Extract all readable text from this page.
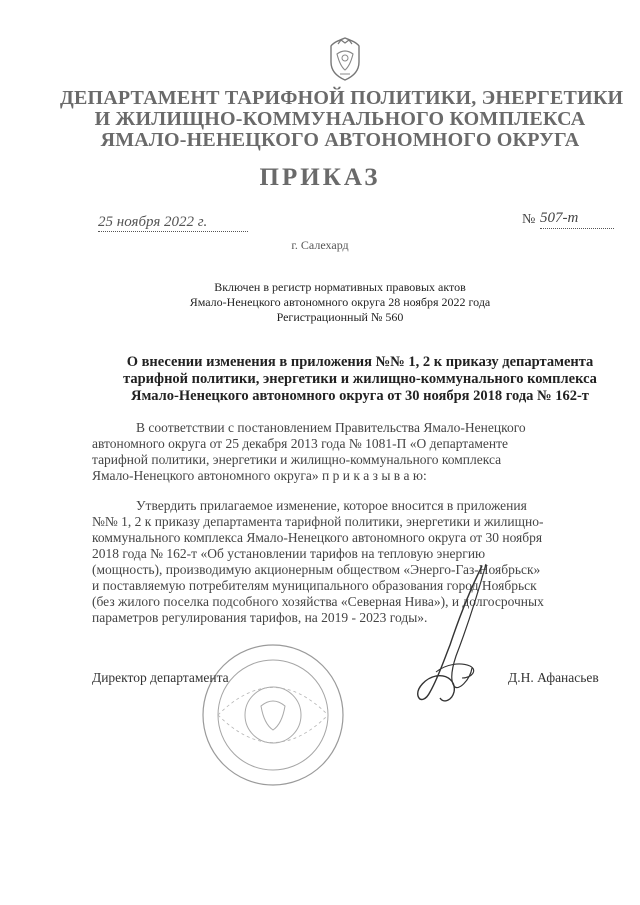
ДЕПАРТАМЕНТ ТАРИФНОЙ ПОЛИТИКИ, ЭНЕРГЕТИКИ
И ЖИЛИЩНО-КОММУНАЛЬНОГО КОМПЛЕКСА
ЯМАЛО-НЕНЕЦКОГО АВТОНОМНОГО ОКРУГА
ПРИКАЗ
25 ноября 2022 г.	№ 507-т
г. Салехард
Включен в регистр нормативных правовых актов
Ямало-Ненецкого автономного округа 28 ноября 2022 года
Регистрационный № 560
О внесении изменения в приложения №№ 1, 2 к приказу департамента
тарифной политики, энергетики и жилищно-коммунального комплекса
Ямало-Ненецкого автономного округа от 30 ноября 2018 года № 162-т
В соответствии с постановлением Правительства Ямало-Ненецкого
автономного округа от 25 декабря 2013 года № 1081-П «О департаменте
тарифной политики, энергетики и жилищно-коммунального комплекса
Ямало-Ненецкого автономного округа» п р и к а з ы в а ю:
Утвердить прилагаемое изменение, которое вносится в приложения
№№ 1, 2 к приказу департамента тарифной политики, энергетики и жилищно-
коммунального комплекса Ямало-Ненецкого автономного округа от 30 ноября
2018 года № 162-т «Об установлении тарифов на тепловую энергию
(мощность), производимую акционерным обществом «Энерго-Газ-Ноябрьск»
и поставляемую потребителям муниципального образования город Ноябрьск
(без жилого поселка подсобного хозяйства «Северная Нива»), и долгосрочных
параметров регулирования тарифов, на 2019 - 2023 годы».
Директор департамента	Д.Н. Афанасьев
